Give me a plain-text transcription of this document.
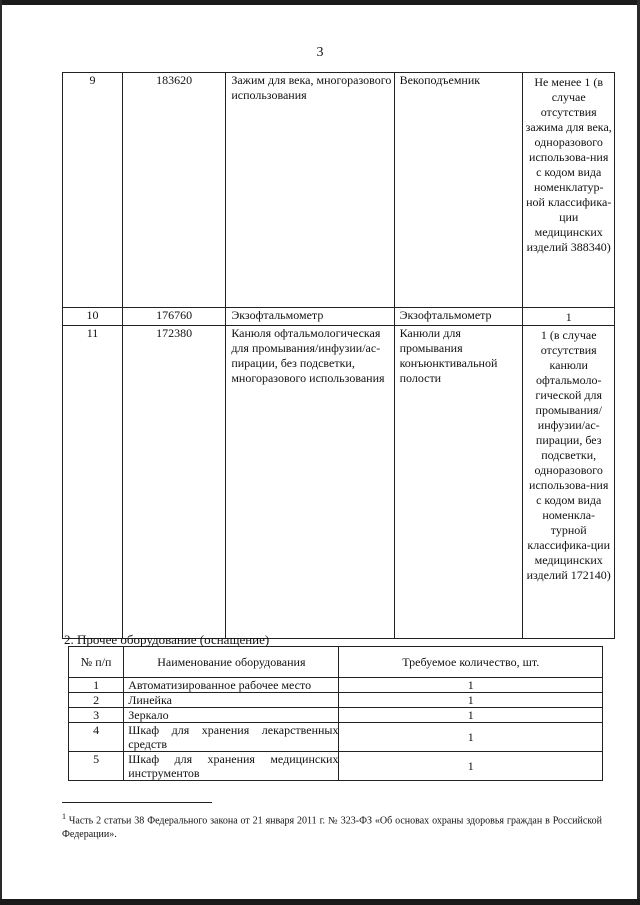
3
9	183620	Зажим для века, многоразового использования	Векоподъемник	Не менее 1 (в случае отсутствия зажима для века, одноразового использова-ния с кодом вида номенклатур-ной классифика-ции медицинских изделий 388340)
10	176760	Экзофтальмометр	Экзофтальмометр	1
11	172380	Канюля офтальмологическая для промывания/инфузии/ас-пирации, без подсветки, многоразового использования	Канюли для промывания конъюнктивальной полости	1 (в случае отсутствия канюли офтальмоло-гической для промывания/ инфузии/ас-пирации, без подсветки, одноразового использова-ния с кодом вида номенкла-турной классифика-ции медицинских изделий 172140)
2. Прочее оборудование (оснащение)
№ п/п	Наименование оборудования	Требуемое количество, шт.
1	Автоматизированное рабочее место	1
2	Линейка	1
3	Зеркало	1
4	Шкаф для хранения лекарственных средств	1
5	Шкаф для хранения медицинских инструментов	1
$^1$ Часть 2 статьи 38 Федерального закона от 21 января 2011 г. № 323-ФЗ «Об основах охраны здоровья граждан в Российской Федерации».
